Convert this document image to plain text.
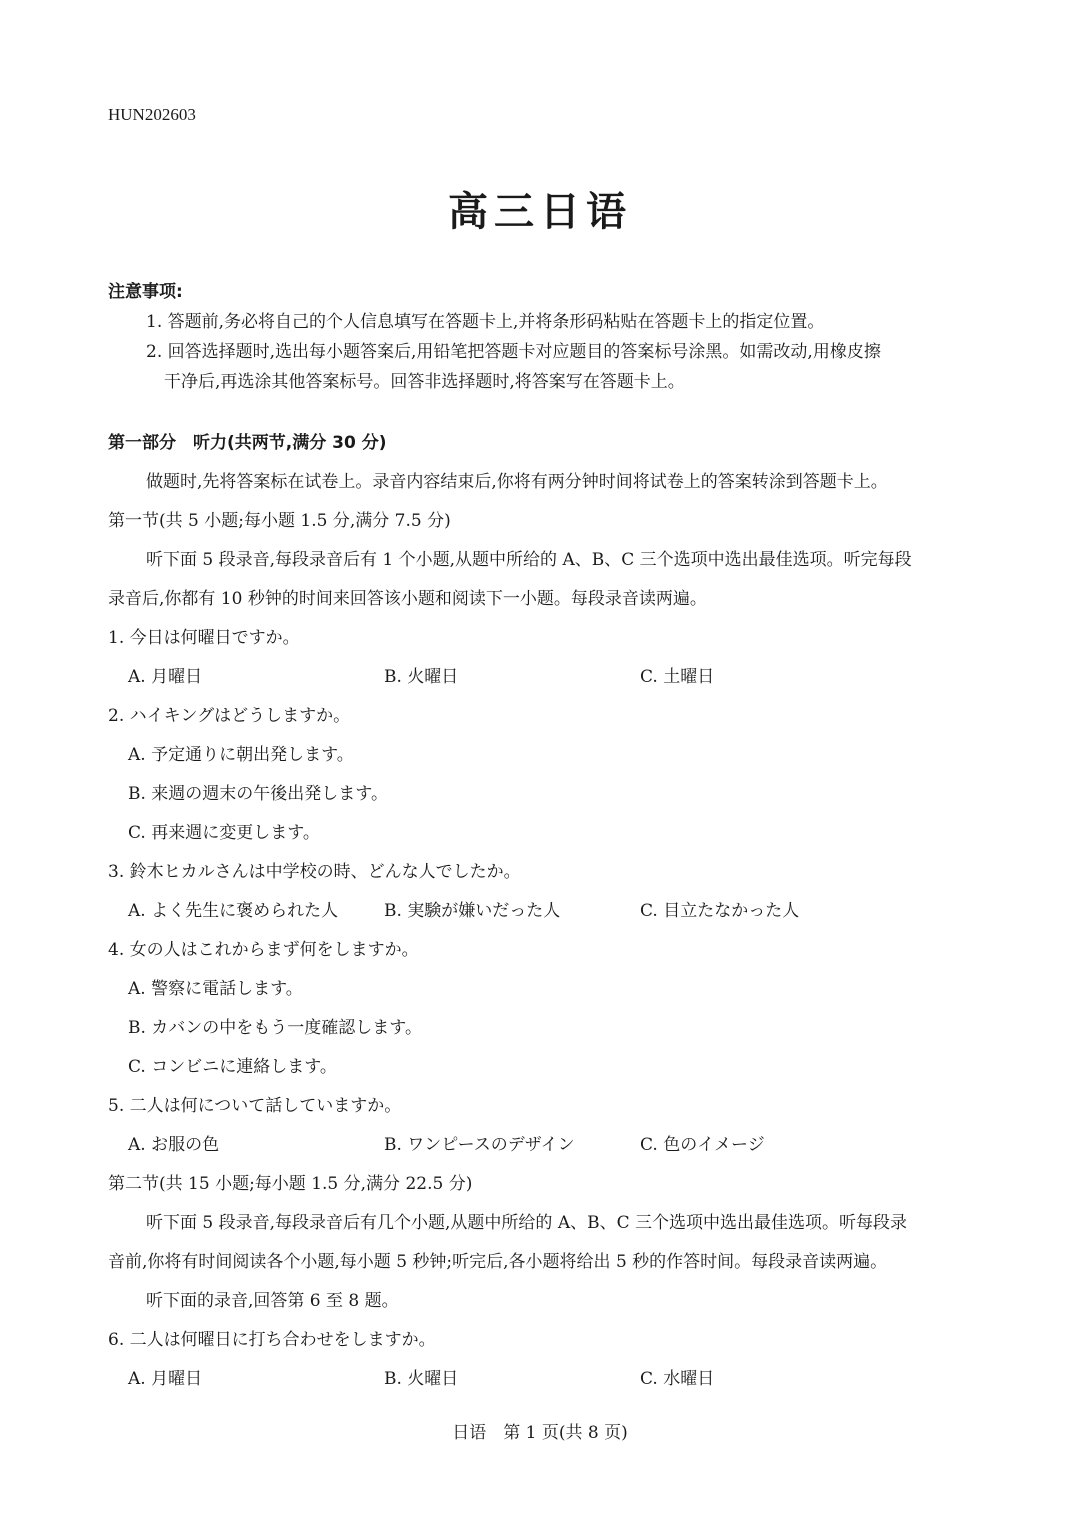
HUN202603
高三日语
注意事项:
1. 答题前,务必将自己的个人信息填写在答题卡上,并将条形码粘贴在答题卡上的指定位置。
2. 回答选择题时,选出每小题答案后,用铅笔把答题卡对应题目的答案标号涂黑。如需改动,用橡皮擦
干净后,再选涂其他答案标号。回答非选择题时,将答案写在答题卡上。
第一部分　听力(共两节,满分 30 分)
做题时,先将答案标在试卷上。录音内容结束后,你将有两分钟时间将试卷上的答案转涂到答题卡上。
第一节(共 5 小题;每小题 1.5 分,满分 7.5 分)
听下面 5 段录音,每段录音后有 1 个小题,从题中所给的 A、B、C 三个选项中选出最佳选项。听完每段
录音后,你都有 10 秒钟的时间来回答该小题和阅读下一小题。每段录音读两遍。
1. 今日は何曜日ですか。
A. 月曜日	B. 火曜日	C. 土曜日
2. ハイキングはどうしますか。
A. 予定通りに朝出発します。
B. 来週の週末の午後出発します。
C. 再来週に変更します。
3. 鈴木ヒカルさんは中学校の時、どんな人でしたか。
A. よく先生に褒められた人	B. 実験が嫌いだった人	C. 目立たなかった人
4. 女の人はこれからまず何をしますか。
A. 警察に電話します。
B. カバンの中をもう一度確認します。
C. コンビニに連絡します。
5. 二人は何について話していますか。
A. お服の色	B. ワンピースのデザイン	C. 色のイメージ
第二节(共 15 小题;每小题 1.5 分,满分 22.5 分)
听下面 5 段录音,每段录音后有几个小题,从题中所给的 A、B、C 三个选项中选出最佳选项。听每段录
音前,你将有时间阅读各个小题,每小题 5 秒钟;听完后,各小题将给出 5 秒的作答时间。每段录音读两遍。
听下面的录音,回答第 6 至 8 题。
6. 二人は何曜日に打ち合わせをしますか。
A. 月曜日	B. 火曜日	C. 水曜日
日语　第 1 页(共 8 页)
